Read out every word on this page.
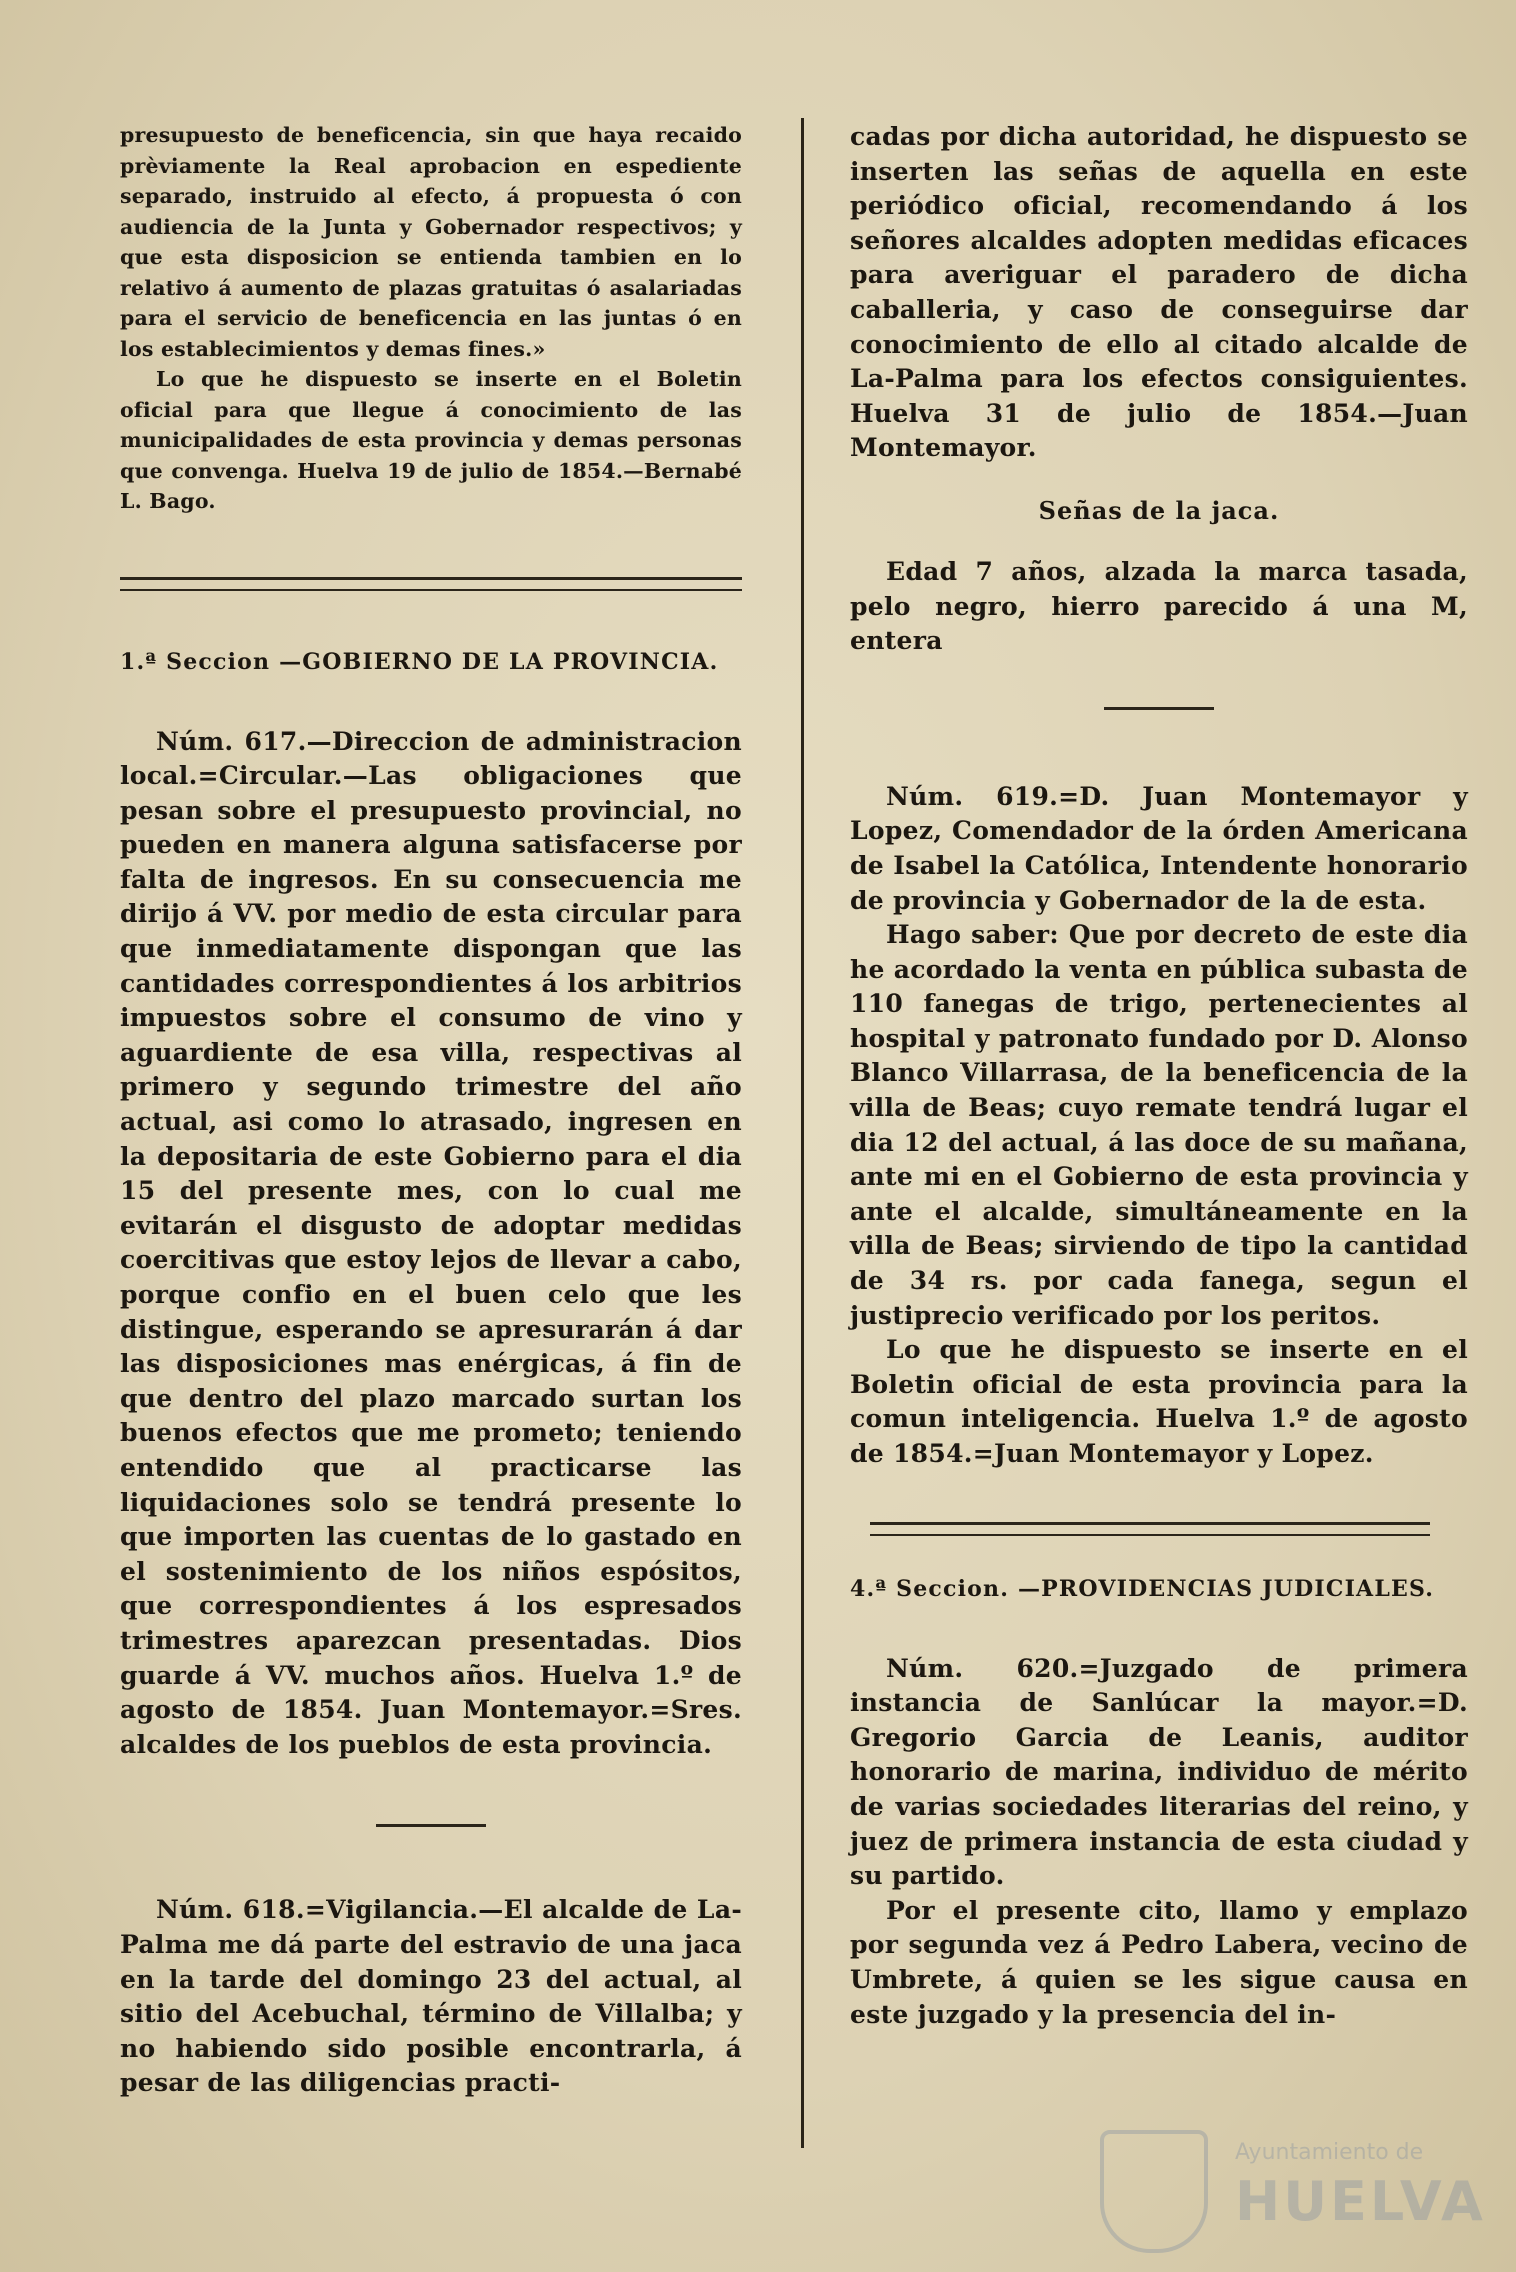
presupuesto de beneficencia, sin que haya recaido prèviamente la Real aprobacion en espediente separado, instruido al efecto, á propuesta ó con audiencia de la Junta y Gobernador respectivos; y que esta disposicion se entienda tambien en lo relativo á aumento de plazas gratuitas ó asalariadas para el servicio de beneficencia en las juntas ó en los establecimientos y demas fines.»

Lo que he dispuesto se inserte en el Boletin oficial para que llegue á conocimiento de las municipalidades de esta provincia y demas personas que convenga. Huelva 19 de julio de 1854.—Bernabé L. Bago.

1.ª Seccion —GOBIERNO DE LA PROVINCIA.

Núm. 617.—Direccion de administracion local.=Circular.—Las obligaciones que pesan sobre el presupuesto provincial, no pueden en manera alguna satisfacerse por falta de ingresos. En su consecuencia me dirijo á VV. por medio de esta circular para que inmediatamente dispongan que las cantidades correspondientes á los arbitrios impuestos sobre el consumo de vino y aguardiente de esa villa, respectivas al primero y segundo trimestre del año actual, asi como lo atrasado, ingresen en la depositaria de este Gobierno para el dia 15 del presente mes, con lo cual me evitarán el disgusto de adoptar medidas coercitivas que estoy lejos de llevar a cabo, porque confio en el buen celo que les distingue, esperando se apresurarán á dar las disposiciones mas enérgicas, á fin de que dentro del plazo marcado surtan los buenos efectos que me prometo; teniendo entendido que al practicarse las liquidaciones solo se tendrá presente lo que importen las cuentas de lo gastado en el sostenimiento de los niños espósitos, que correspondientes á los espresados trimestres aparezcan presentadas. Dios guarde á VV. muchos años. Huelva 1.º de agosto de 1854. Juan Montemayor.=Sres. alcaldes de los pueblos de esta provincia.

Núm. 618.=Vigilancia.—El alcalde de La-Palma me dá parte del estravio de una jaca en la tarde del domingo 23 del actual, al sitio del Acebuchal, término de Villalba; y no habiendo sido posible encontrarla, á pesar de las diligencias practi-

cadas por dicha autoridad, he dispuesto se inserten las señas de aquella en este periódico oficial, recomendando á los señores alcaldes adopten medidas eficaces para averiguar el paradero de dicha caballeria, y caso de conseguirse dar conocimiento de ello al citado alcalde de La-Palma para los efectos consiguientes. Huelva 31 de julio de 1854.—Juan Montemayor.

Señas de la jaca.

Edad 7 años, alzada la marca tasada, pelo negro, hierro parecido á una M, entera

Núm. 619.=D. Juan Montemayor y Lopez, Comendador de la órden Americana de Isabel la Católica, Intendente honorario de provincia y Gobernador de la de esta.

Hago saber: Que por decreto de este dia he acordado la venta en pública subasta de 110 fanegas de trigo, pertenecientes al hospital y patronato fundado por D. Alonso Blanco Villarrasa, de la beneficencia de la villa de Beas; cuyo remate tendrá lugar el dia 12 del actual, á las doce de su mañana, ante mi en el Gobierno de esta provincia y ante el alcalde, simultáneamente en la villa de Beas; sirviendo de tipo la cantidad de 34 rs. por cada fanega, segun el justiprecio verificado por los peritos.

Lo que he dispuesto se inserte en el Boletin oficial de esta provincia para la comun inteligencia. Huelva 1.º de agosto de 1854.=Juan Montemayor y Lopez.

4.ª Seccion. —PROVIDENCIAS JUDICIALES.

Núm. 620.=Juzgado de primera instancia de Sanlúcar la mayor.=D. Gregorio Garcia de Leanis, auditor honorario de marina, individuo de mérito de varias sociedades literarias del reino, y juez de primera instancia de esta ciudad y su partido.

Por el presente cito, llamo y emplazo por segunda vez á Pedro Labera, vecino de Umbrete, á quien se les sigue causa en este juzgado y la presencia del in-

Ayuntamiento de
HUELVA
